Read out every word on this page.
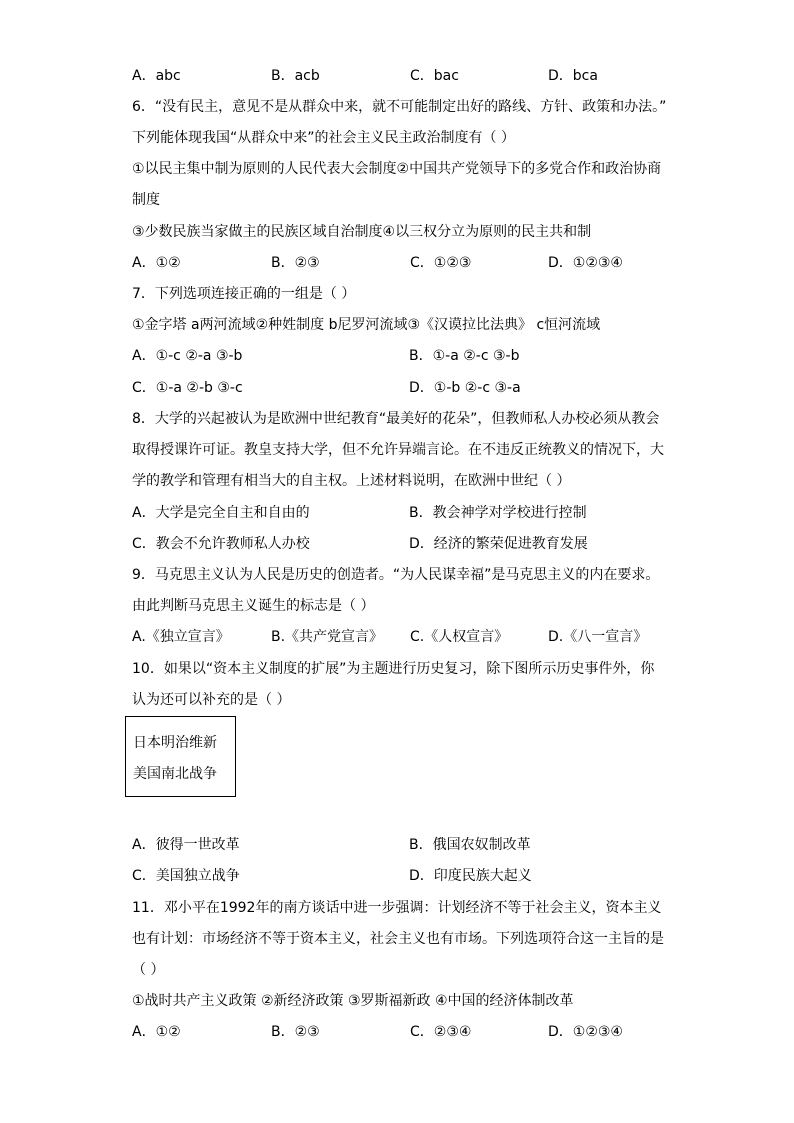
A．abc	B．acb	C．bac	D．bca
6．“没有民主，意见不是从群众中来，就不可能制定出好的路线、方针、政策和办法。”
下列能体现我国“从群众中来”的社会主义民主政治制度有（ ）
①以民主集中制为原则的人民代表大会制度②中国共产党领导下的多党合作和政治协商
制度
③少数民族当家做主的民族区域自治制度④以三权分立为原则的民主共和制
A．①②	B．②③	C．①②③	D．①②③④
7．下列选项连接正确的一组是（ ）
①金字塔 a两河流域②种姓制度 b尼罗河流域③《汉谟拉比法典》 c恒河流域
A．①-c ②-a ③-b	B．①-a ②-c ③-b
C．①-a ②-b ③-c	D．①-b ②-c ③-a
8．大学的兴起被认为是欧洲中世纪教育“最美好的花朵”，但教师私人办校必须从教会
取得授课许可证。教皇支持大学，但不允许异端言论。在不违反正统教义的情况下，大
学的教学和管理有相当大的自主权。上述材料说明，在欧洲中世纪（ ）
A．大学是完全自主和自由的	B．教会神学对学校进行控制
C．教会不允许教师私人办校	D．经济的繁荣促进教育发展
9．马克思主义认为人民是历史的创造者。“为人民谋幸福”是马克思主义的内在要求。
由此判断马克思主义诞生的标志是（ ）
A.《独立宣言》	B.《共产党宣言》 C.《人权宣言》	D.《八一宣言》
10．如果以“资本主义制度的扩展”为主题进行历史复习，除下图所示历史事件外，你
认为还可以补充的是（ ）
日本明治维新
美国南北战争
A．彼得一世改革	B．俄国农奴制改革
C．美国独立战争	D．印度民族大起义
11．邓小平在1992年的南方谈话中进一步强调：计划经济不等于社会主义，资本主义
也有计划：市场经济不等于资本主义，社会主义也有市场。下列选项符合这一主旨的是
（ ）
①战时共产主义政策 ②新经济政策 ③罗斯福新政 ④中国的经济体制改革
A．①②	B．②③	C．②③④	D．①②③④
